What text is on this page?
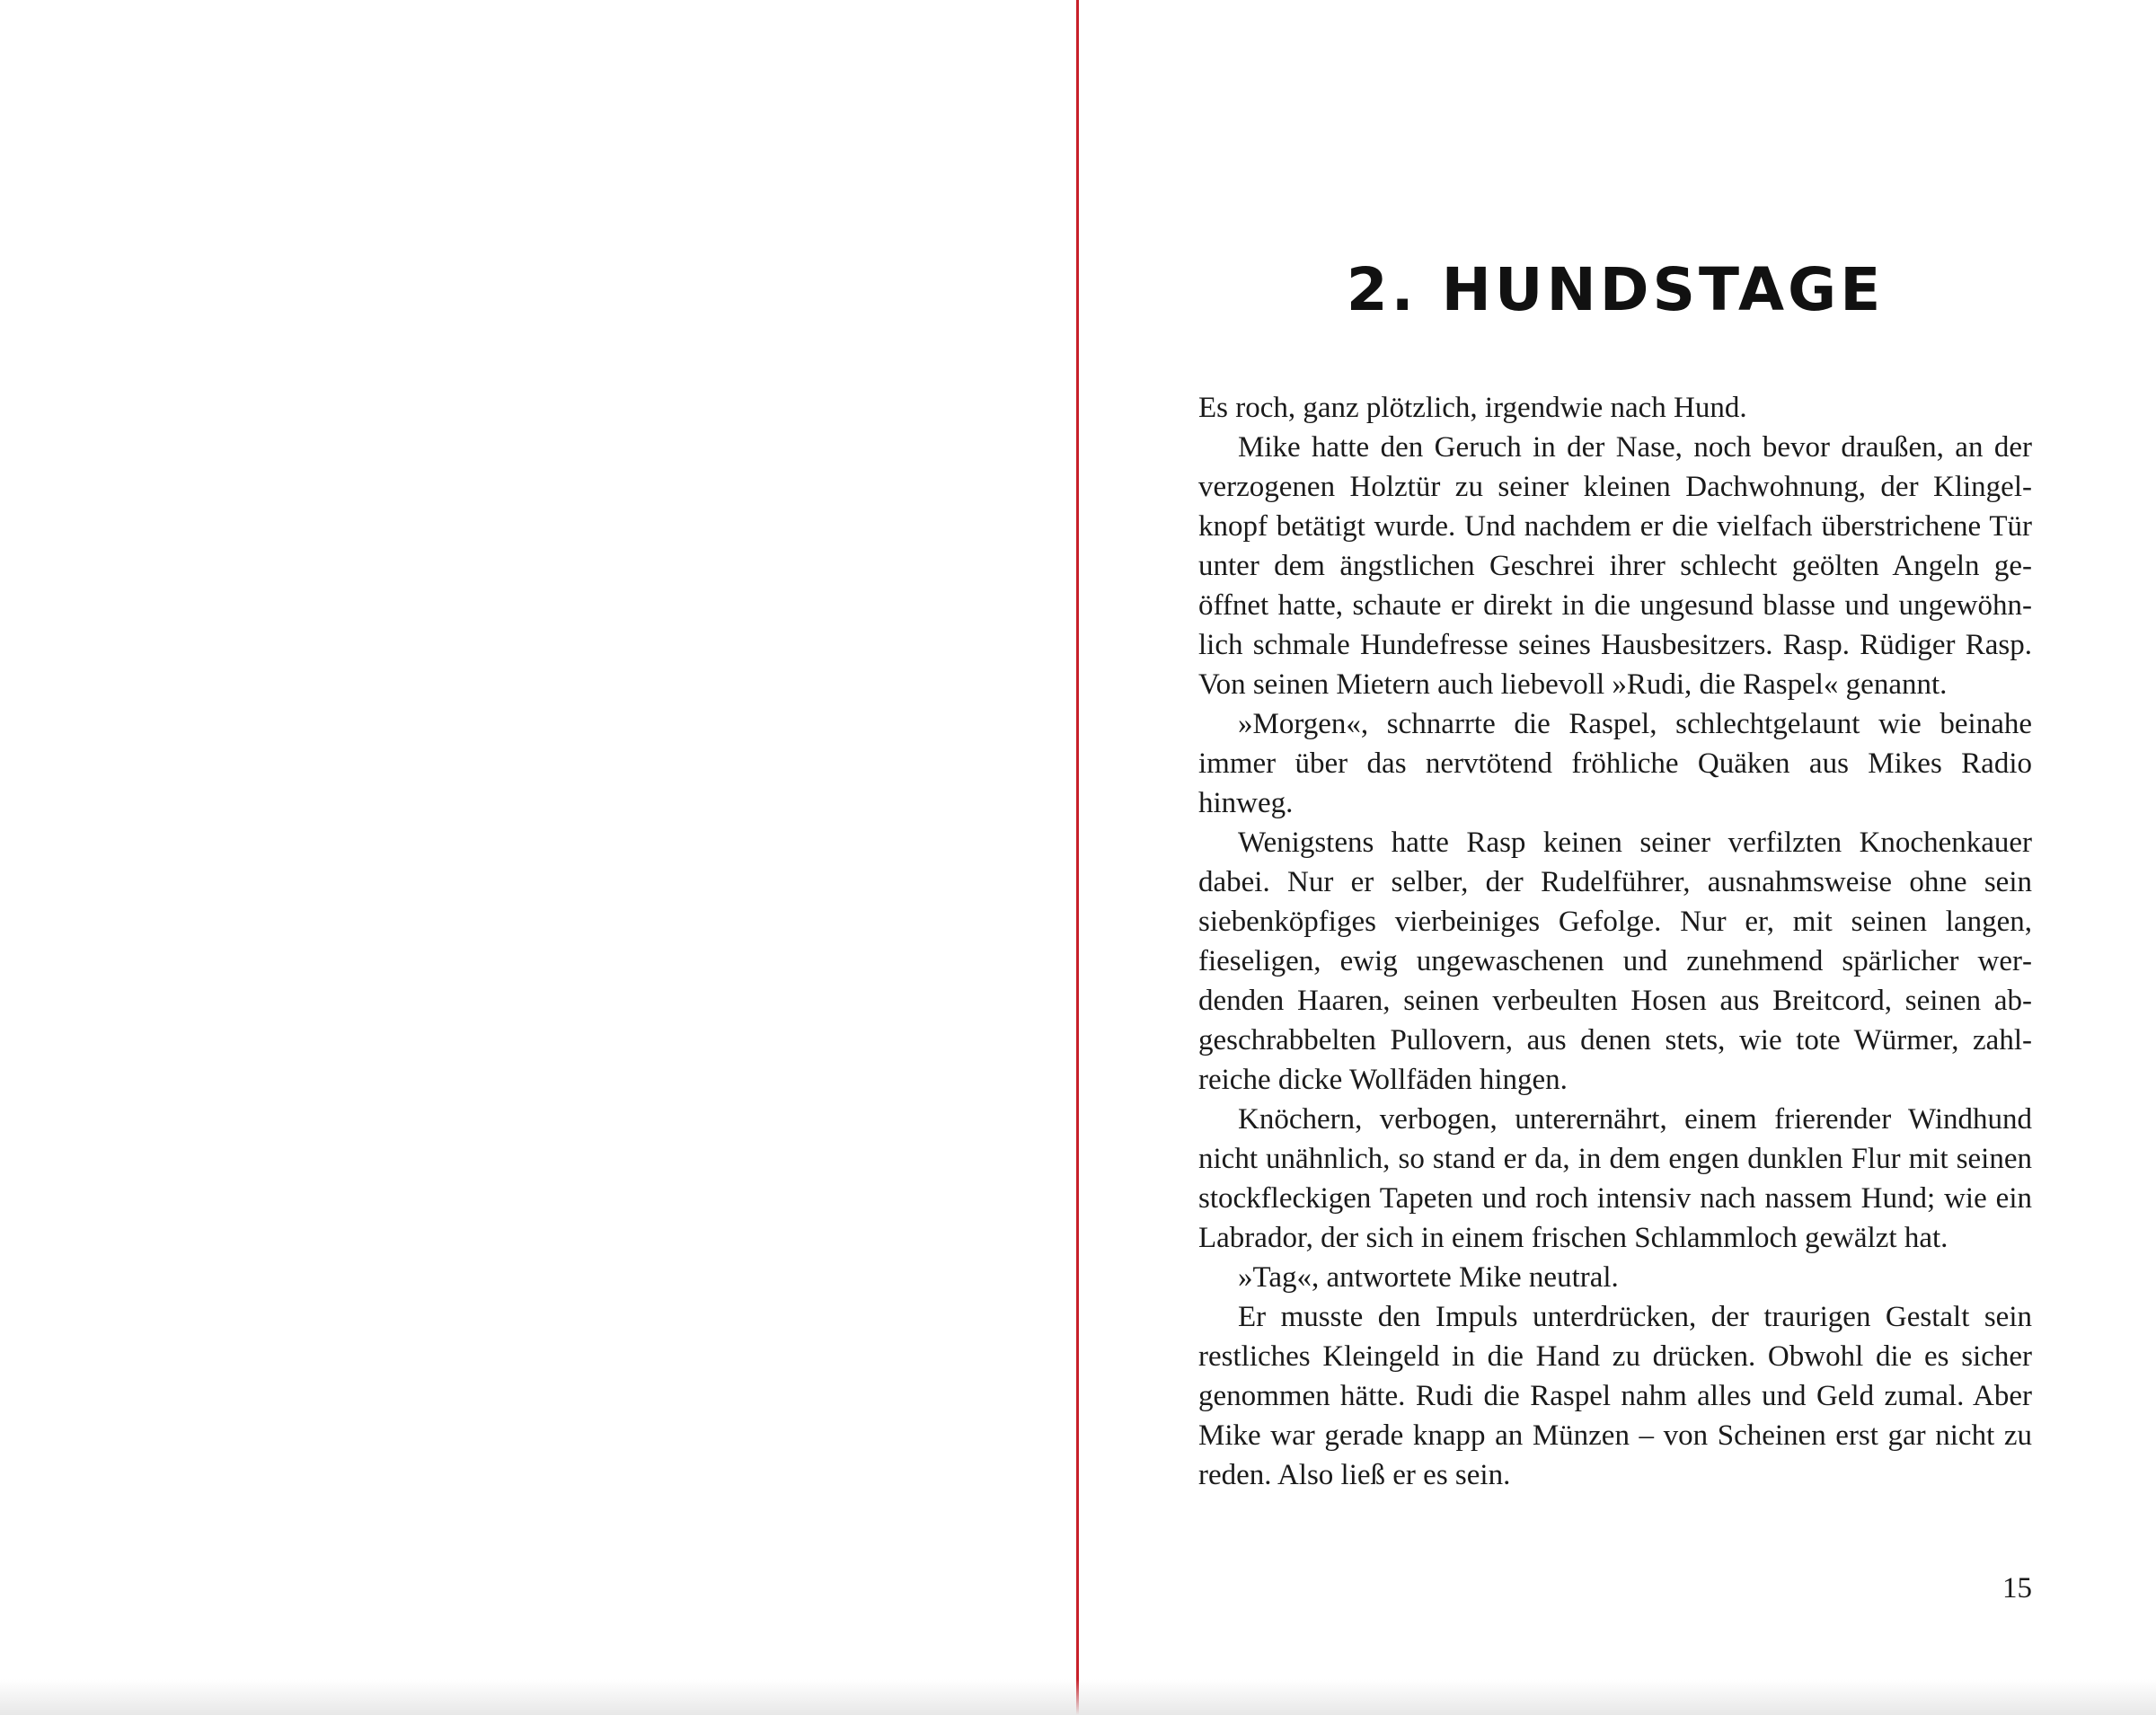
2. HUNDSTAGE

Es roch, ganz plötzlich, irgendwie nach Hund.

Mike hatte den Geruch in der Nase, noch bevor draußen, an der verzogenen Holztür zu seiner kleinen Dachwohnung, der Klingelknopf betätigt wurde. Und nachdem er die vielfach überstrichene Tür unter dem ängstlichen Geschrei ihrer schlecht geölten Angeln geöffnet hatte, schaute er direkt in die ungesund blasse und ungewöhnlich schmale Hundefresse seines Hausbesitzers. Rasp. Rüdiger Rasp. Von seinen Mietern auch liebevoll »Rudi, die Raspel« genannt.

»Morgen«, schnarrte die Raspel, schlechtgelaunt wie beinahe immer über das nervtötend fröhliche Quäken aus Mikes Radio hinweg.

Wenigstens hatte Rasp keinen seiner verfilzten Knochenkauer dabei. Nur er selber, der Rudelführer, ausnahmsweise ohne sein siebenköpfiges vierbeiniges Gefolge. Nur er, mit seinen langen, fieseligen, ewig ungewaschenen und zunehmend spärlicher werdenden Haaren, seinen verbeulten Hosen aus Breitcord, seinen abgeschrabbelten Pullovern, aus denen stets, wie tote Würmer, zahlreiche dicke Wollfäden hingen.

Knöchern, verbogen, unterernährt, einem frierender Windhund nicht unähnlich, so stand er da, in dem engen dunklen Flur mit seinen stockfleckigen Tapeten und roch intensiv nach nassem Hund; wie ein Labrador, der sich in einem frischen Schlammloch gewälzt hat.

»Tag«, antwortete Mike neutral.

Er musste den Impuls unterdrücken, der traurigen Gestalt sein restliches Kleingeld in die Hand zu drücken. Obwohl die es sicher genommen hätte. Rudi die Raspel nahm alles und Geld zumal. Aber Mike war gerade knapp an Münzen – von Scheinen erst gar nicht zu reden. Also ließ er es sein.

15
